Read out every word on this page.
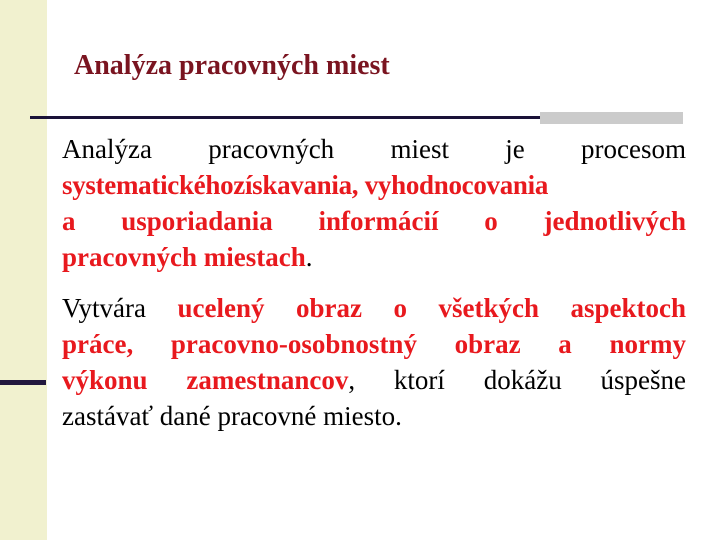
Analýza pracovných miest
Analýza pracovných miest je procesom
systematickéhozískavania, vyhodnocovania
a usporiadania informácií o jednotlivých
pracovných miestach.
Vytvára ucelený obraz o všetkých aspektoch
práce, pracovno-osobnostný obraz a normy
výkonu zamestnancov, ktorí dokážu úspešne
zastávať dané pracovné miesto.
